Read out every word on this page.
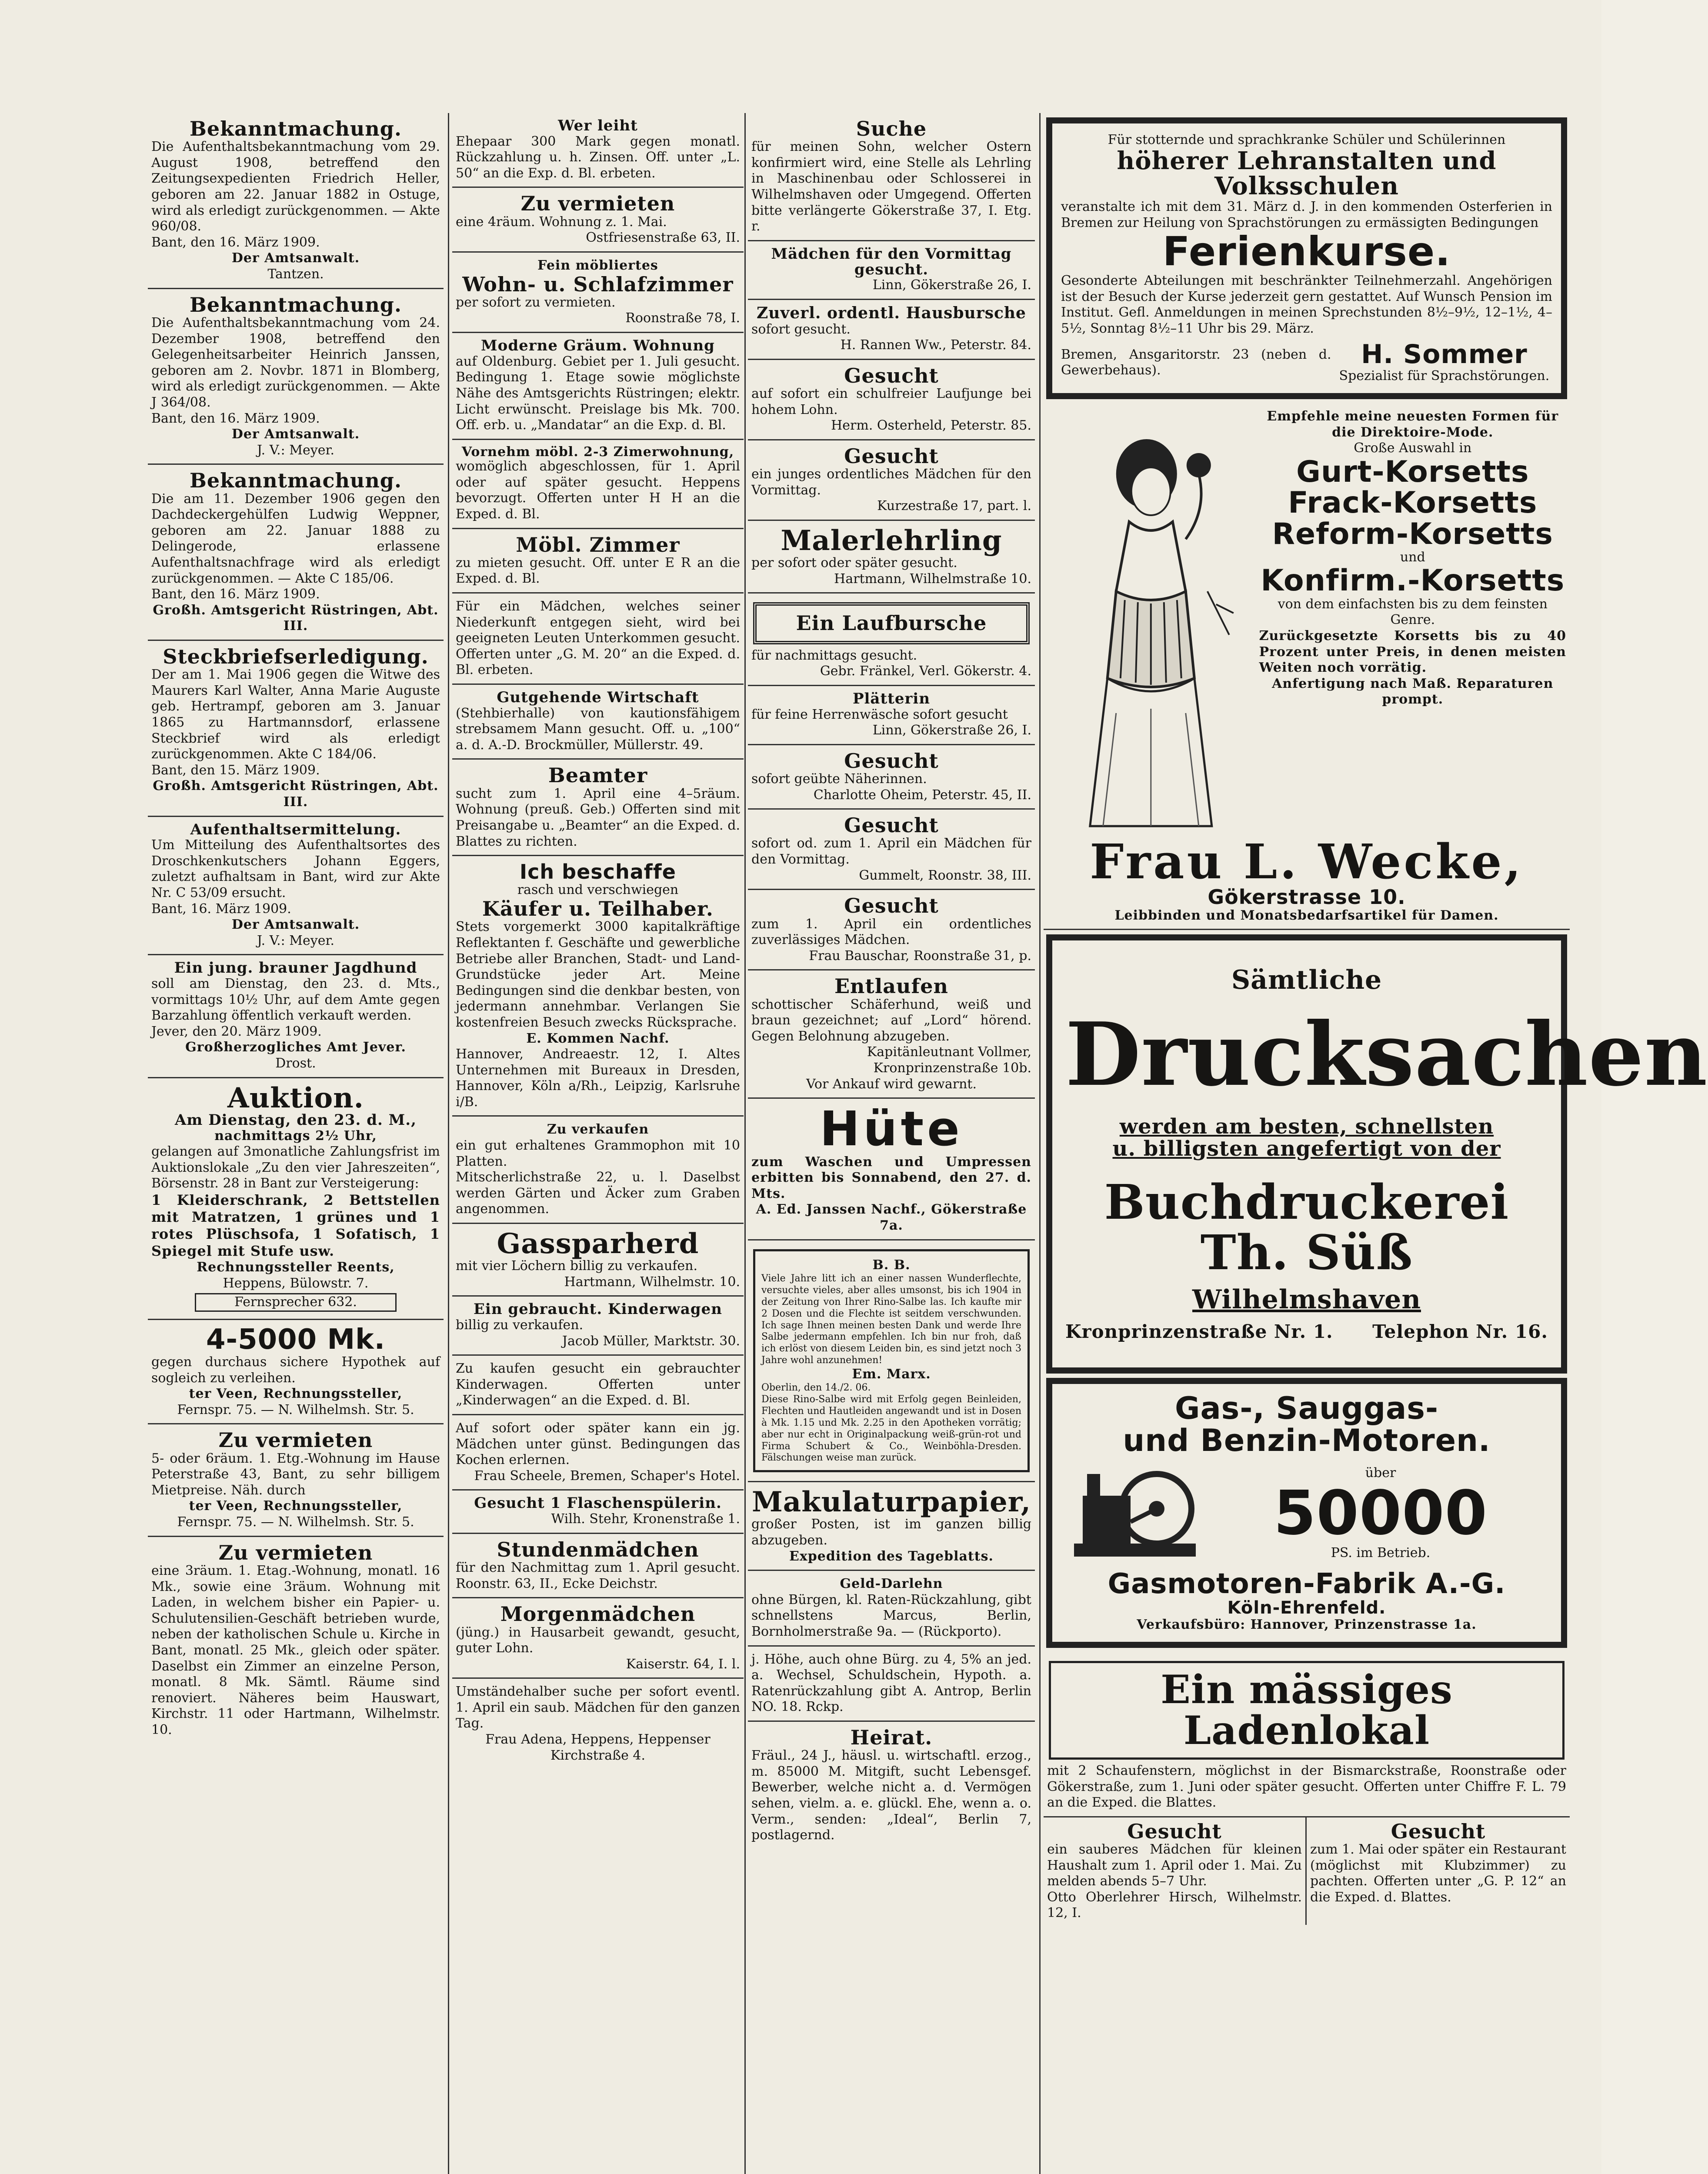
Bekanntmachung.
Die Aufenthaltsbekanntmachung vom 29. August 1908, betreffend den Zeitungsexpedienten Friedrich Heller, geboren am 22. Januar 1882 in Ostuge, wird als erledigt zurückgenommen. — Akte 960/08.
Bant, den 16. März 1909.
Der Amtsanwalt.
Tantzen.
Bekanntmachung.
Die Aufenthaltsbekanntmachung vom 24. Dezember 1908, betreffend den Gelegenheitsarbeiter Heinrich Janssen, geboren am 2. Novbr. 1871 in Blomberg, wird als erledigt zurückgenommen. — Akte J 364/08.
Bant, den 16. März 1909.
Der Amtsanwalt.
J. V.: Meyer.
Bekanntmachung.
Die am 11. Dezember 1906 gegen den Dachdeckergehülfen Ludwig Weppner, geboren am 22. Januar 1888 zu Delingerode, erlassene Aufenthaltsnachfrage wird als erledigt zurückgenommen. — Akte C 185/06.
Bant, den 16. März 1909.
Großh. Amtsgericht Rüstringen, Abt. III.
Steckbriefserledigung.
Der am 1. Mai 1906 gegen die Witwe des Maurers Karl Walter, Anna Marie Auguste geb. Hertrampf, geboren am 3. Januar 1865 zu Hartmannsdorf, erlassene Steckbrief wird als erledigt zurückgenommen. Akte C 184/06.
Bant, den 15. März 1909.
Großh. Amtsgericht Rüstringen, Abt. III.
Aufenthaltsermittelung.
Um Mitteilung des Aufenthaltsortes des Droschkenkutschers Johann Eggers, zuletzt aufhaltsam in Bant, wird zur Akte Nr. C 53/09 ersucht.
Bant, 16. März 1909.
Der Amtsanwalt.
J. V.: Meyer.
Ein jung. brauner Jagdhund
soll am Dienstag, den 23. d. Mts., vormittags 10½ Uhr, auf dem Amte gegen Barzahlung öffentlich verkauft werden.
Jever, den 20. März 1909.
Großherzogliches Amt Jever.
Drost.
Auktion.
Am Dienstag, den 23. d. M.,
nachmittags 2½ Uhr,
gelangen auf 3monatliche Zahlungsfrist im Auktionslokale „Zu den vier Jahreszeiten“, Börsenstr. 28 in Bant zur Versteigerung:
1 Kleiderschrank, 2 Bettstellen mit Matratzen, 1 grünes und 1 rotes Plüschsofa, 1 Sofatisch, 1 Spiegel mit Stufe usw.
Rechnungssteller Reents,
Heppens, Bülowstr. 7.
Fernsprecher 632.
4-5000 Mk.
gegen durchaus sichere Hypothek auf sogleich zu verleihen.
ter Veen, Rechnungssteller,
Fernspr. 75. — N. Wilhelmsh. Str. 5.
Zu vermieten
5- oder 6räum. 1. Etg.-Wohnung im Hause Peterstraße 43, Bant, zu sehr billigem Mietpreise. Näh. durch
ter Veen, Rechnungssteller,
Fernspr. 75. — N. Wilhelmsh. Str. 5.
Zu vermieten
eine 3räum. 1. Etag.-Wohnung, monatl. 16 Mk., sowie eine 3räum. Wohnung mit Laden, in welchem bisher ein Papier- u. Schulutensilien-Geschäft betrieben wurde, neben der katholischen Schule u. Kirche in Bant, monatl. 25 Mk., gleich oder später. Daselbst ein Zimmer an einzelne Person, monatl. 8 Mk. Sämtl. Räume sind renoviert. Näheres beim Hauswart, Kirchstr. 11 oder Hartmann, Wilhelmstr. 10.
Wer leiht
Ehepaar 300 Mark gegen monatl. Rückzahlung u. h. Zinsen. Off. unter „L. 50“ an die Exp. d. Bl. erbeten.
Zu vermieten
eine 4räum. Wohnung z. 1. Mai.
Ostfriesenstraße 63, II.
Fein möbliertes
Wohn- u. Schlafzimmer
per sofort zu vermieten.
Roonstraße 78, I.
Moderne Gräum. Wohnung
auf Oldenburg. Gebiet per 1. Juli gesucht. Bedingung 1. Etage sowie möglichste Nähe des Amtsgerichts Rüstringen; elektr. Licht erwünscht. Preislage bis Mk. 700. Off. erb. u. „Mandatar“ an die Exp. d. Bl.
Vornehm möbl. 2-3 Zimerwohnung,
womöglich abgeschlossen, für 1. April oder auf später gesucht. Heppens bevorzugt. Offerten unter H H an die Exped. d. Bl.
Möbl. Zimmer
zu mieten gesucht. Off. unter E R an die Exped. d. Bl.
Für ein Mädchen, welches seiner Niederkunft entgegen sieht, wird bei geeigneten Leuten Unterkommen gesucht. Offerten unter „G. M. 20“ an die Exped. d. Bl. erbeten.
Gutgehende Wirtschaft
(Stehbierhalle) von kautionsfähigem strebsamem Mann gesucht. Off. u. „100“ a. d. A.-D. Brockmüller, Müllerstr. 49.
Beamter
sucht zum 1. April eine 4–5räum. Wohnung (preuß. Geb.) Offerten sind mit Preisangabe u. „Beamter“ an die Exped. d. Blattes zu richten.
Ich beschaffe
rasch und verschwiegen
Käufer u. Teilhaber.
Stets vorgemerkt 3000 kapitalkräftige Reflektanten f. Geschäfte und gewerbliche Betriebe aller Branchen, Stadt- und Land-Grundstücke jeder Art. Meine Bedingungen sind die denkbar besten, von jedermann annehmbar. Verlangen Sie kostenfreien Besuch zwecks Rücksprache.
E. Kommen Nachf.
Hannover, Andreaestr. 12, I. Altes Unternehmen mit Bureaux in Dresden, Hannover, Köln a/Rh., Leipzig, Karlsruhe i/B.
Zu verkaufen
ein gut erhaltenes Grammophon mit 10 Platten.
Mitscherlichstraße 22, u. l. Daselbst werden Gärten und Äcker zum Graben angenommen.
Gassparherd
mit vier Löchern billig zu verkaufen.
Hartmann, Wilhelmstr. 10.
Ein gebraucht. Kinderwagen
billig zu verkaufen.
Jacob Müller, Marktstr. 30.
Zu kaufen gesucht ein gebrauchter Kinderwagen. Offerten unter „Kinderwagen“ an die Exped. d. Bl.
Auf sofort oder später kann ein jg. Mädchen unter günst. Bedingungen das Kochen erlernen.
Frau Scheele, Bremen, Schaper's Hotel.
Gesucht 1 Flaschenspülerin.
Wilh. Stehr, Kronenstraße 1.
Stundenmädchen
für den Nachmittag zum 1. April gesucht. Roonstr. 63, II., Ecke Deichstr.
Morgenmädchen
(jüng.) in Hausarbeit gewandt, gesucht, guter Lohn.
Kaiserstr. 64, I. l.
Umständehalber suche per sofort eventl. 1. April ein saub. Mädchen für den ganzen Tag.
Frau Adena, Heppens, Heppenser Kirchstraße 4.
Suche
für meinen Sohn, welcher Ostern konfirmiert wird, eine Stelle als Lehrling in Maschinenbau oder Schlosserei in Wilhelmshaven oder Umgegend. Offerten bitte verlängerte Gökerstraße 37, I. Etg. r.
Mädchen für den Vormittag gesucht.
Linn, Gökerstraße 26, I.
Zuverl. ordentl. Hausbursche
sofort gesucht.
H. Rannen Ww., Peterstr. 84.
Gesucht
auf sofort ein schulfreier Laufjunge bei hohem Lohn.
Herm. Osterheld, Peterstr. 85.
Gesucht
ein junges ordentliches Mädchen für den Vormittag.
Kurzestraße 17, part. l.
Malerlehrling
per sofort oder später gesucht.
Hartmann, Wilhelmstraße 10.
Ein Laufbursche
für nachmittags gesucht.
Gebr. Fränkel, Verl. Gökerstr. 4.
Plätterin
für feine Herrenwäsche sofort gesucht
Linn, Gökerstraße 26, I.
Gesucht
sofort geübte Näherinnen.
Charlotte Oheim, Peterstr. 45, II.
Gesucht
sofort od. zum 1. April ein Mädchen für den Vormittag.
Gummelt, Roonstr. 38, III.
Gesucht
zum 1. April ein ordentliches zuverlässiges Mädchen.
Frau Bauschar, Roonstraße 31, p.
Entlaufen
schottischer Schäferhund, weiß und braun gezeichnet; auf „Lord“ hörend. Gegen Belohnung abzugeben.
Kapitänleutnant Vollmer, Kronprinzenstraße 10b.
Vor Ankauf wird gewarnt.
Hüte
zum Waschen und Umpressen erbitten bis Sonnabend, den 27. d. Mts.
A. Ed. Janssen Nachf., Gökerstraße 7a.
B. B.
Viele Jahre litt ich an einer nassen Wunderflechte, versuchte vieles, aber alles umsonst, bis ich 1904 in der Zeitung von Ihrer Rino-Salbe las. Ich kaufte mir 2 Dosen und die Flechte ist seitdem verschwunden. Ich sage Ihnen meinen besten Dank und werde Ihre Salbe jedermann empfehlen. Ich bin nur froh, daß ich erlöst von diesem Leiden bin, es sind jetzt noch 3 Jahre wohl anzunehmen!
Em. Marx.
Oberlin, den 14./2. 06.
Diese Rino-Salbe wird mit Erfolg gegen Beinleiden, Flechten und Hautleiden angewandt und ist in Dosen à Mk. 1.15 und Mk. 2.25 in den Apotheken vorrätig; aber nur echt in Originalpackung weiß-grün-rot und Firma Schubert & Co., Weinböhla-Dresden. Fälschungen weise man zurück.
Makulaturpapier,
großer Posten, ist im ganzen billig abzugeben.
Expedition des Tageblatts.
Geld-Darlehn
ohne Bürgen, kl. Raten-Rückzahlung, gibt schnellstens Marcus, Berlin, Bornholmerstraße 9a. — (Rückporto).
j. Höhe, auch ohne Bürg. zu 4, 5% an jed. a. Wechsel, Schuldschein, Hypoth. a. Ratenrückzahlung gibt A. Antrop, Berlin NO. 18. Rckp.
Heirat.
Fräul., 24 J., häusl. u. wirtschaftl. erzog., m. 85000 M. Mitgift, sucht Lebensgef. Bewerber, welche nicht a. d. Vermögen sehen, vielm. a. e. glückl. Ehe, wenn a. o. Verm., senden: „Ideal“, Berlin 7, postlagernd.
Für stotternde und sprachkranke Schüler und Schülerinnen
höherer Lehranstalten und Volksschulen
veranstalte ich mit dem 31. März d. J. in den kommenden Osterferien in Bremen zur Heilung von Sprachstörungen zu ermässigten Bedingungen
Ferienkurse.
Gesonderte Abteilungen mit beschränkter Teilnehmerzahl. Angehörigen ist der Besuch der Kurse jederzeit gern gestattet. Auf Wunsch Pension im Institut. Gefl. Anmeldungen in meinen Sprechstunden 8½–9½, 12–1½, 4–5½, Sonntag 8½–11 Uhr bis 29. März.
Bremen, Ansgaritorstr. 23 (neben d. Gewerbehaus).
H. Sommer
Spezialist für Sprachstörungen.
Empfehle meine neuesten Formen für die Direktoire-Mode.
Große Auswahl in
Gurt-Korsetts
Frack-Korsetts
Reform-Korsetts
und
Konfirm.-Korsetts
von dem einfachsten bis zu dem feinsten Genre.
Zurückgesetzte Korsetts bis zu 40 Prozent unter Preis, in denen meisten Weiten noch vorrätig.
Anfertigung nach Maß. Reparaturen prompt.
Frau L. Wecke,
Gökerstrasse 10.
Leibbinden und Monatsbedarfsartikel für Damen.
Sämtliche
Drucksachen
werden am besten, schnellsten
u. billigsten angefertigt von der
Buchdruckerei Th. Süß
Wilhelmshaven
Kronprinzenstraße Nr. 1. Telephon Nr. 16.
Gas-, Sauggas-
und Benzin-Motoren.
über
50000
PS. im Betrieb.
Gasmotoren-Fabrik A.-G.
Köln-Ehrenfeld.
Verkaufsbüro: Hannover, Prinzenstrasse 1a.
Ein mässiges Ladenlokal
mit 2 Schaufenstern, möglichst in der Bismarckstraße, Roonstraße oder Gökerstraße, zum 1. Juni oder später gesucht. Offerten unter Chiffre F. L. 79 an die Exped. die Blattes.
Gesucht
ein sauberes Mädchen für kleinen Haushalt zum 1. April oder 1. Mai. Zu melden abends 5–7 Uhr.
Otto Oberlehrer Hirsch, Wilhelmstr. 12, I.
Gesucht
zum 1. Mai oder später ein Restaurant (möglichst mit Klubzimmer) zu pachten. Offerten unter „G. P. 12“ an die Exped. d. Blattes.
